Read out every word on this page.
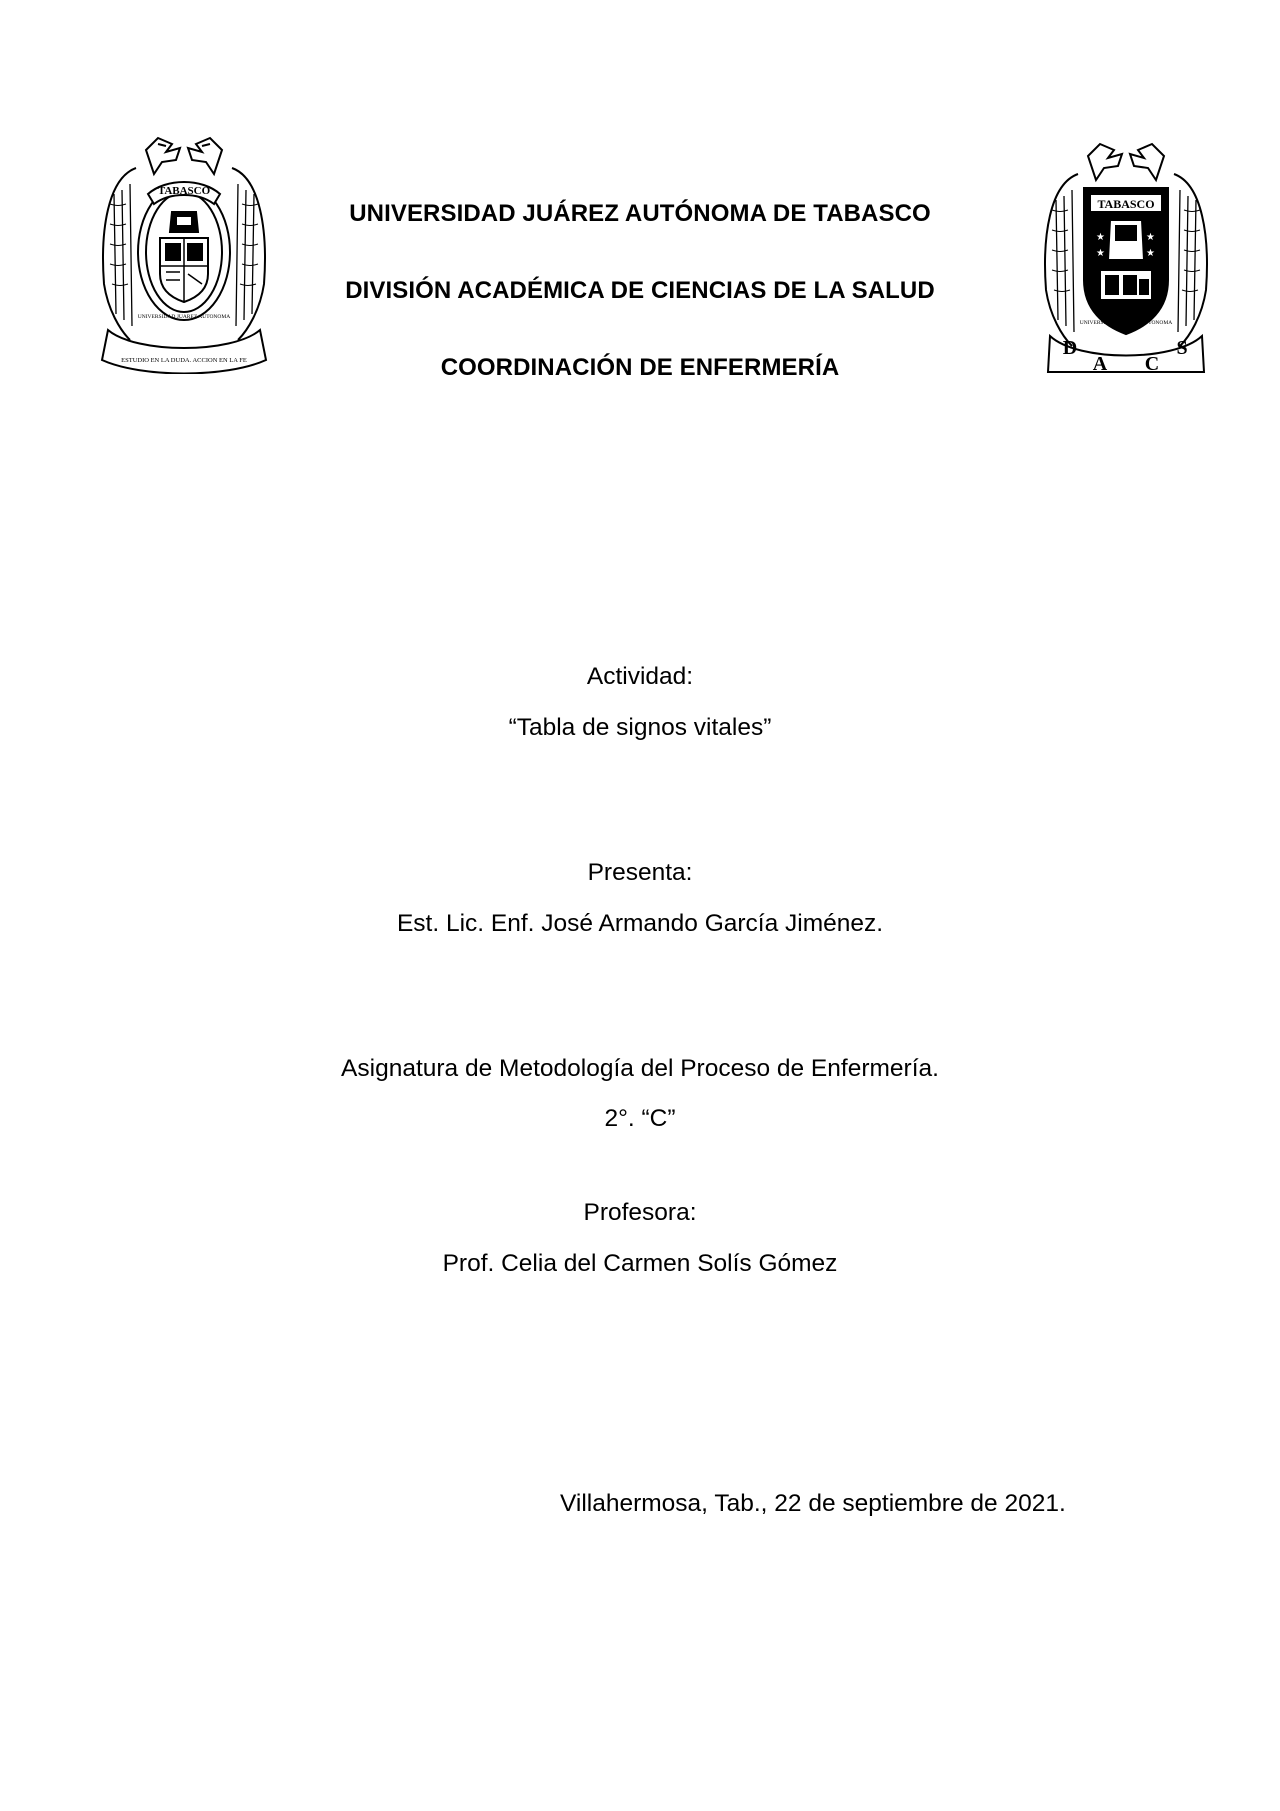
TABASCO
ESTUDIO EN LA DUDA. ACCION EN LA FE
UNIVERSIDAD JUAREZ AUTONOMA
★	★
★	★
TABASCO
UNIVERSIDAD JUAREZ AUTONOMA
D
A C
S
UNIVERSIDAD JUÁREZ AUTÓNOMA DE TABASCO
DIVISIÓN ACADÉMICA DE CIENCIAS DE LA SALUD
COORDINACIÓN DE ENFERMERÍA
Actividad:
“Tabla de signos vitales”
Presenta:
Est. Lic. Enf. José Armando García Jiménez.
Asignatura de Metodología del Proceso de Enfermería.
2°. “C”
Profesora:
Prof. Celia del Carmen Solís Gómez
Villahermosa, Tab., 22 de septiembre de 2021.
